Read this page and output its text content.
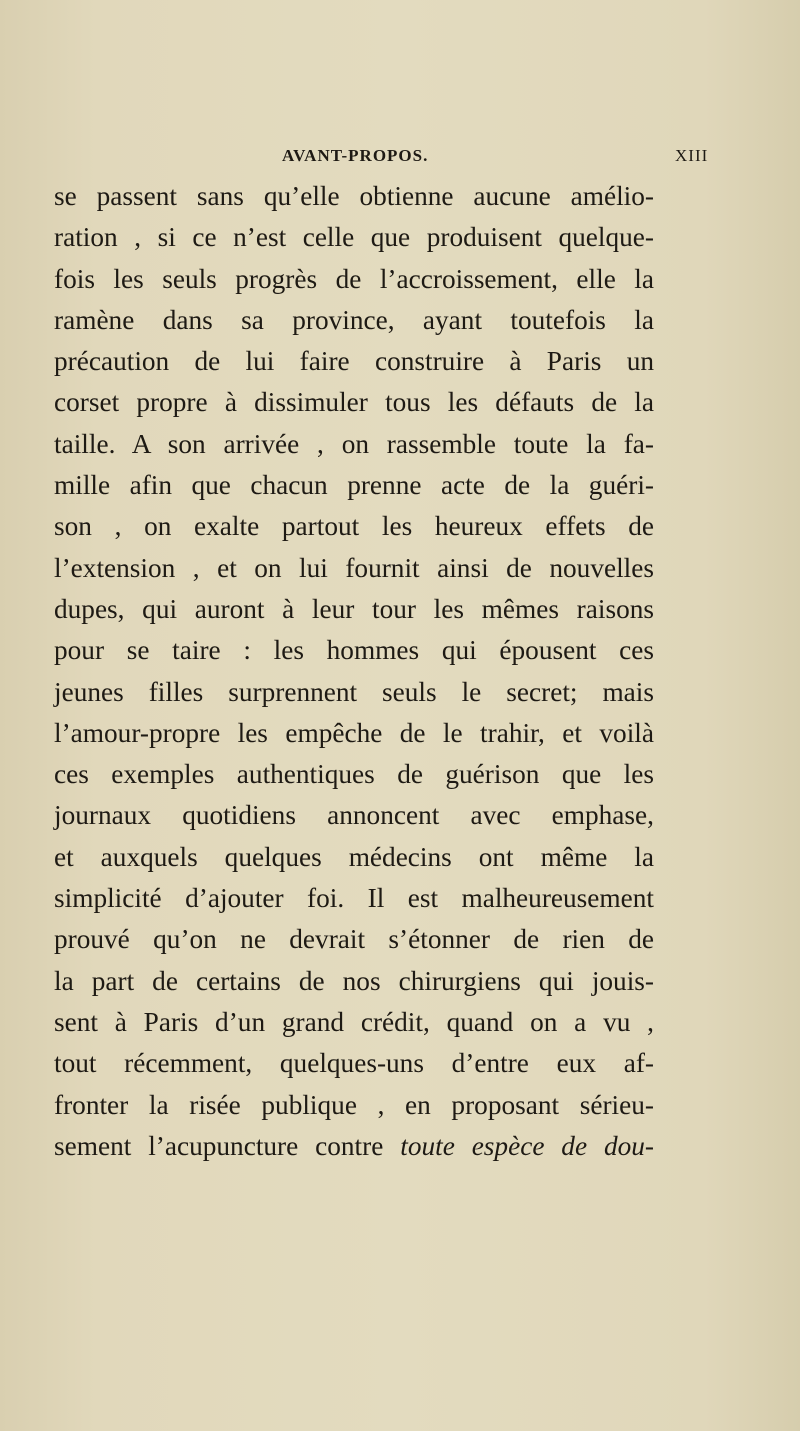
AVANT-PROPOS.	XIII
se passent sans qu’elle obtienne aucune amélio-
ration , si ce n’est celle que produisent quelque-
fois les seuls progrès de l’accroissement, elle la
ramène dans sa province, ayant toutefois la
précaution de lui faire construire à Paris un
corset propre à dissimuler tous les défauts de la
taille. A son arrivée , on rassemble toute la fa-
mille afin que chacun prenne acte de la guéri-
son , on exalte partout les heureux effets de
l’extension , et on lui fournit ainsi de nouvelles
dupes, qui auront à leur tour les mêmes raisons
pour se taire : les hommes qui épousent ces
jeunes filles surprennent seuls le secret; mais
l’amour-propre les empêche de le trahir, et voilà
ces exemples authentiques de guérison que les
journaux quotidiens annoncent avec emphase,
et auxquels quelques médecins ont même la
simplicité d’ajouter foi. Il est malheureusement
prouvé qu’on ne devrait s’étonner de rien de
la part de certains de nos chirurgiens qui jouis-
sent à Paris d’un grand crédit, quand on a vu ,
tout récemment, quelques-uns d’entre eux af-
fronter la risée publique , en proposant sérieu-
sement l’acupuncture contre toute espèce de dou-
